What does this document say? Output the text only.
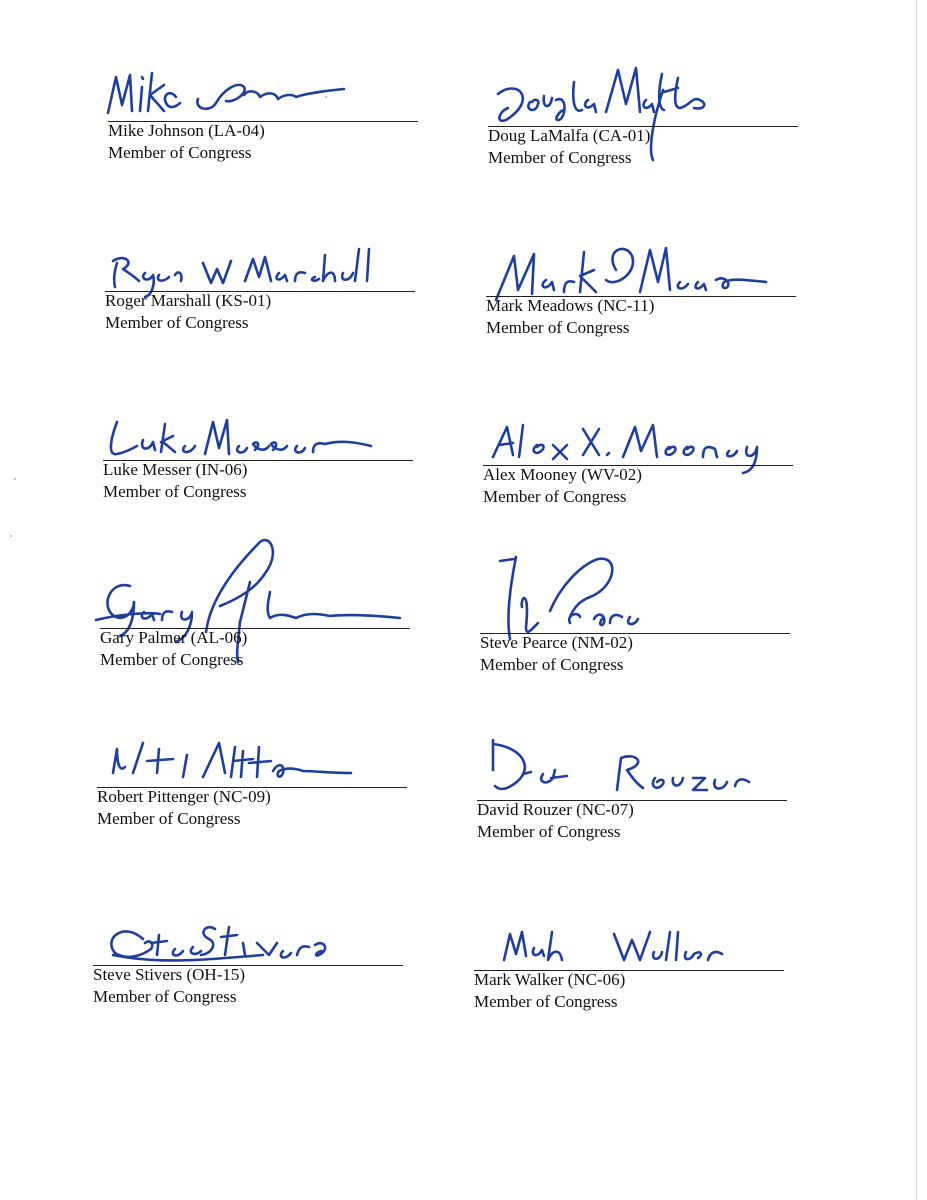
Mike Johnson (LA-04)
Member of Congress
Doug LaMalfa (CA-01)
Member of Congress
Roger Marshall (KS-01)
Member of Congress
Mark Meadows (NC-11)
Member of Congress
Luke Messer (IN-06)
Member of Congress
Alex Mooney (WV-02)
Member of Congress
Gary Palmer (AL-06)
Member of Congress
Steve Pearce (NM-02)
Member of Congress
Robert Pittenger (NC-09)
Member of Congress	David Rouzer (NC-07)
Member of Congress
Steve Stivers (OH-15)
Member of Congress
Mark Walker (NC-06)
Member of Congress
